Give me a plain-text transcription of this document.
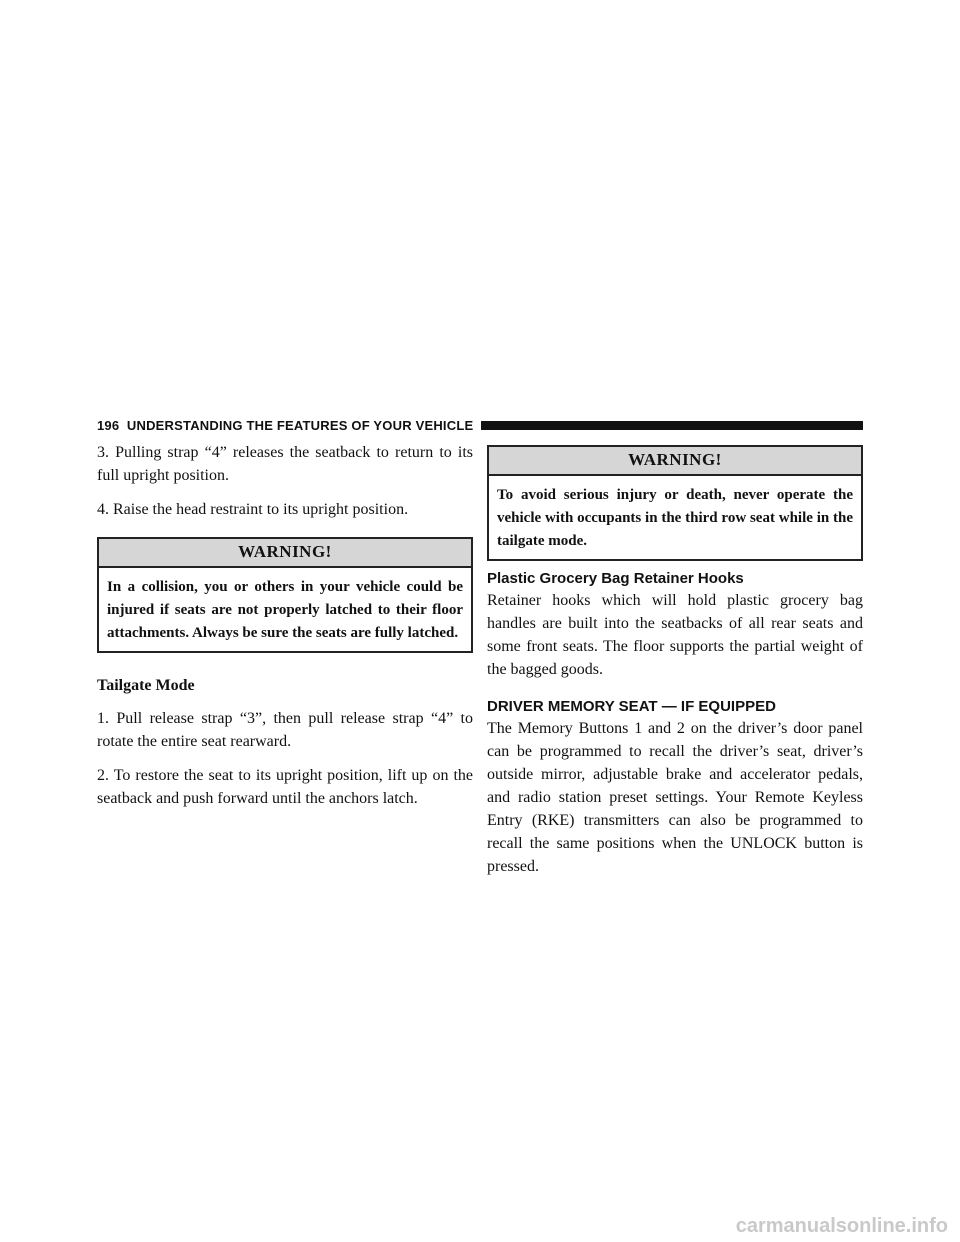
196 UNDERSTANDING THE FEATURES OF YOUR VEHICLE

3. Pulling strap “4” releases the seatback to return to its full upright position.

4. Raise the head restraint to its upright position.

WARNING!
In a collision, you or others in your vehicle could be injured if seats are not properly latched to their floor attachments. Always be sure the seats are fully latched.
Tailgate Mode

1. Pull release strap “3”, then pull release strap “4” to rotate the entire seat rearward.

2. To restore the seat to its upright position, lift up on the seatback and push forward until the anchors latch.

WARNING!
To avoid serious injury or death, never operate the vehicle with occupants in the third row seat while in the tailgate mode.
Plastic Grocery Bag Retainer Hooks

Retainer hooks which will hold plastic grocery bag handles are built into the seatbacks of all rear seats and some front seats. The floor supports the partial weight of the bagged goods.

DRIVER MEMORY SEAT — IF EQUIPPED

The Memory Buttons 1 and 2 on the driver’s door panel can be programmed to recall the driver’s seat, driver’s outside mirror, adjustable brake and accelerator pedals, and radio station preset settings. Your Remote Keyless Entry (RKE) transmitters can also be programmed to recall the same positions when the UNLOCK button is pressed.

carmanualsonline.info
